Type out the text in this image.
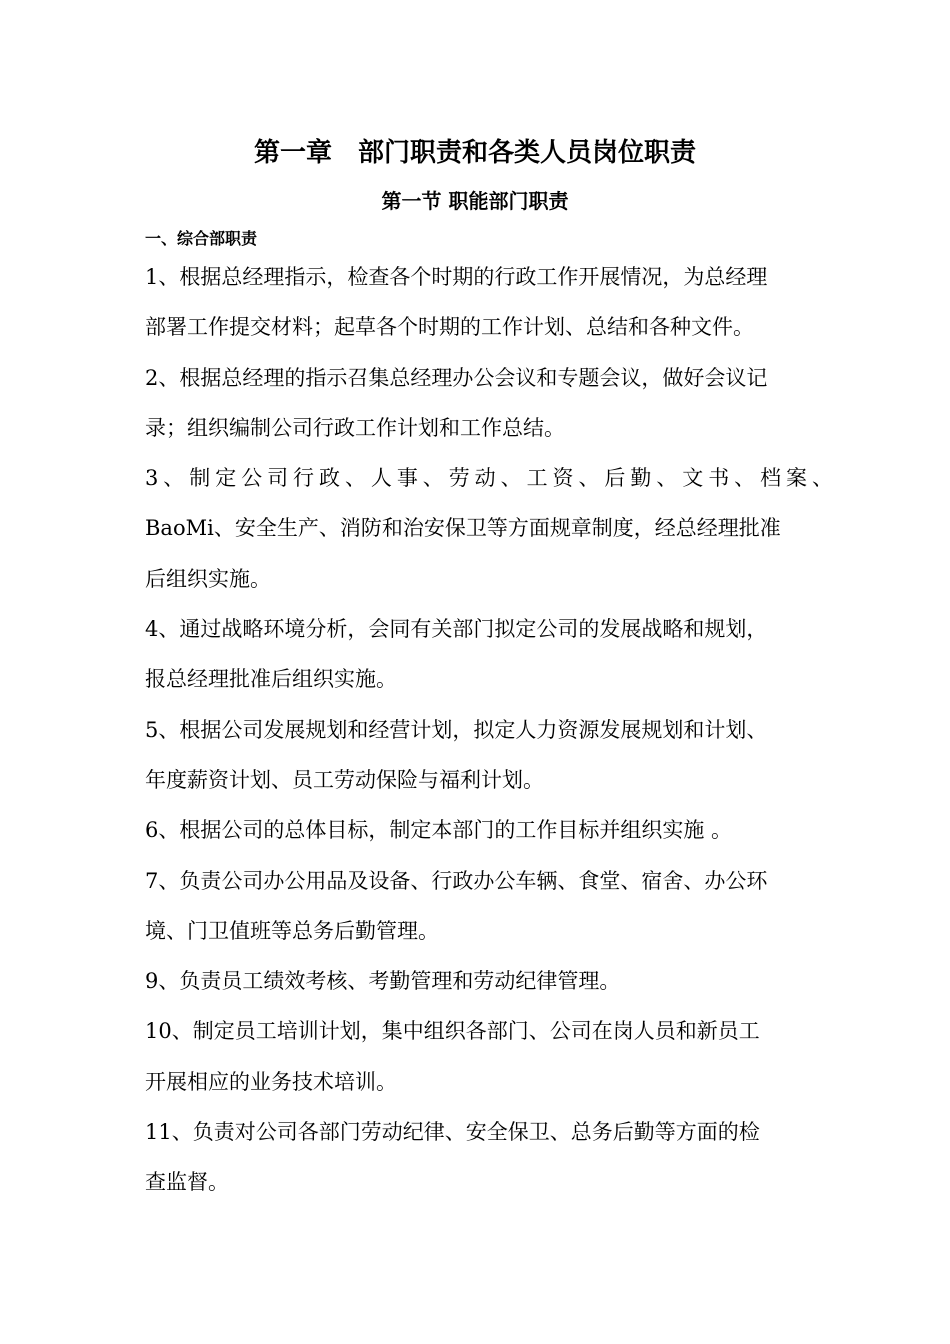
第一章　部门职责和各类人员岗位职责
第一节 职能部门职责
一、综合部职责
1、根据总经理指示，检查各个时期的行政工作开展情况，为总经理
部署工作提交材料；起草各个时期的工作计划、总结和各种文件。
2、根据总经理的指示召集总经理办公会议和专题会议，做好会议记
录；组织编制公司行政工作计划和工作总结。
3、制定公司行政、人事、劳动、工资、后勤、文书、档案、
BaoMi、安全生产、消防和治安保卫等方面规章制度，经总经理批准
后组织实施。
4、通过战略环境分析，会同有关部门拟定公司的发展战略和规划，
报总经理批准后组织实施。
5、根据公司发展规划和经营计划，拟定人力资源发展规划和计划、
年度薪资计划、员工劳动保险与福利计划。
6、根据公司的总体目标，制定本部门的工作目标并组织实施 。
7、负责公司办公用品及设备、行政办公车辆、食堂、宿舍、办公环
境、门卫值班等总务后勤管理。
9、负责员工绩效考核、考勤管理和劳动纪律管理。
10、制定员工培训计划，集中组织各部门、公司在岗人员和新员工
开展相应的业务技术培训。
11、负责对公司各部门劳动纪律、安全保卫、总务后勤等方面的检
查监督。
